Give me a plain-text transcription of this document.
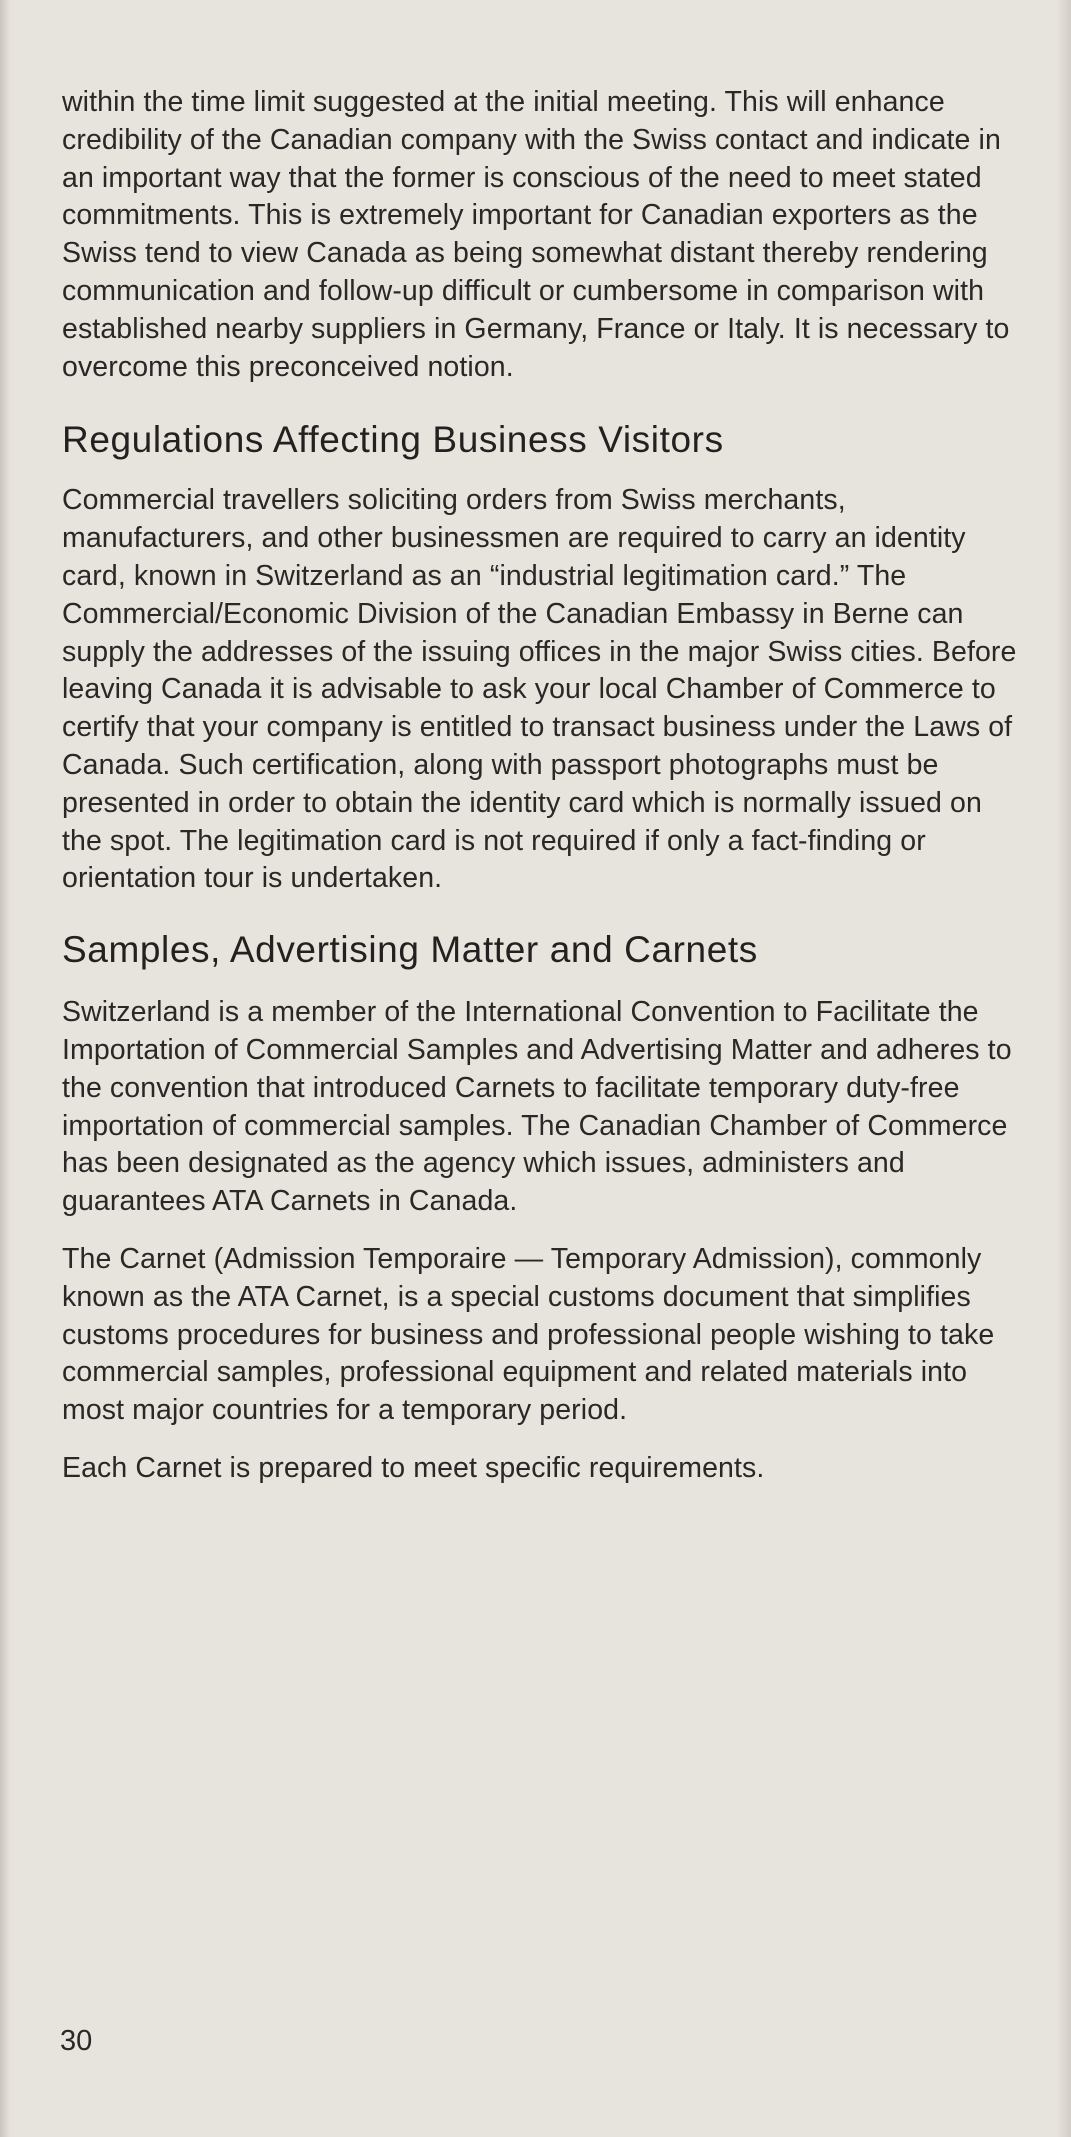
within the time limit suggested at the initial meeting. This will enhance credibility of the Canadian company with the Swiss contact and indicate in an important way that the former is conscious of the need to meet stated commitments. This is extremely important for Canadian exporters as the Swiss tend to view Canada as being somewhat distant thereby rendering communication and follow-up difficult or cumbersome in comparison with established nearby suppliers in Germany, France or Italy. It is necessary to overcome this preconceived notion.

Regulations Affecting Business Visitors

Commercial travellers soliciting orders from Swiss merchants, manufacturers, and other businessmen are required to carry an identity card, known in Switzerland as an “industrial legitimation card.” The Commercial/Economic Division of the Canadian Embassy in Berne can supply the addresses of the issuing offices in the major Swiss cities. Before leaving Canada it is advisable to ask your local Chamber of Commerce to certify that your company is entitled to transact business under the Laws of Canada. Such certification, along with passport photographs must be presented in order to obtain the identity card which is normally issued on the spot. The legitimation card is not required if only a fact-finding or orientation tour is undertaken.

Samples, Advertising Matter and Carnets

Switzerland is a member of the International Convention to Facilitate the Importation of Commercial Samples and Advertising Matter and adheres to the convention that introduced Carnets to facilitate temporary duty-free importation of commercial samples. The Canadian Chamber of Commerce has been designated as the agency which issues, administers and guarantees ATA Carnets in Canada.

The Carnet (Admission Temporaire — Temporary Admission), commonly known as the ATA Carnet, is a special customs document that simplifies customs procedures for business and professional people wishing to take commercial samples, professional equipment and related materials into most major countries for a temporary period.

Each Carnet is prepared to meet specific requirements.

30
